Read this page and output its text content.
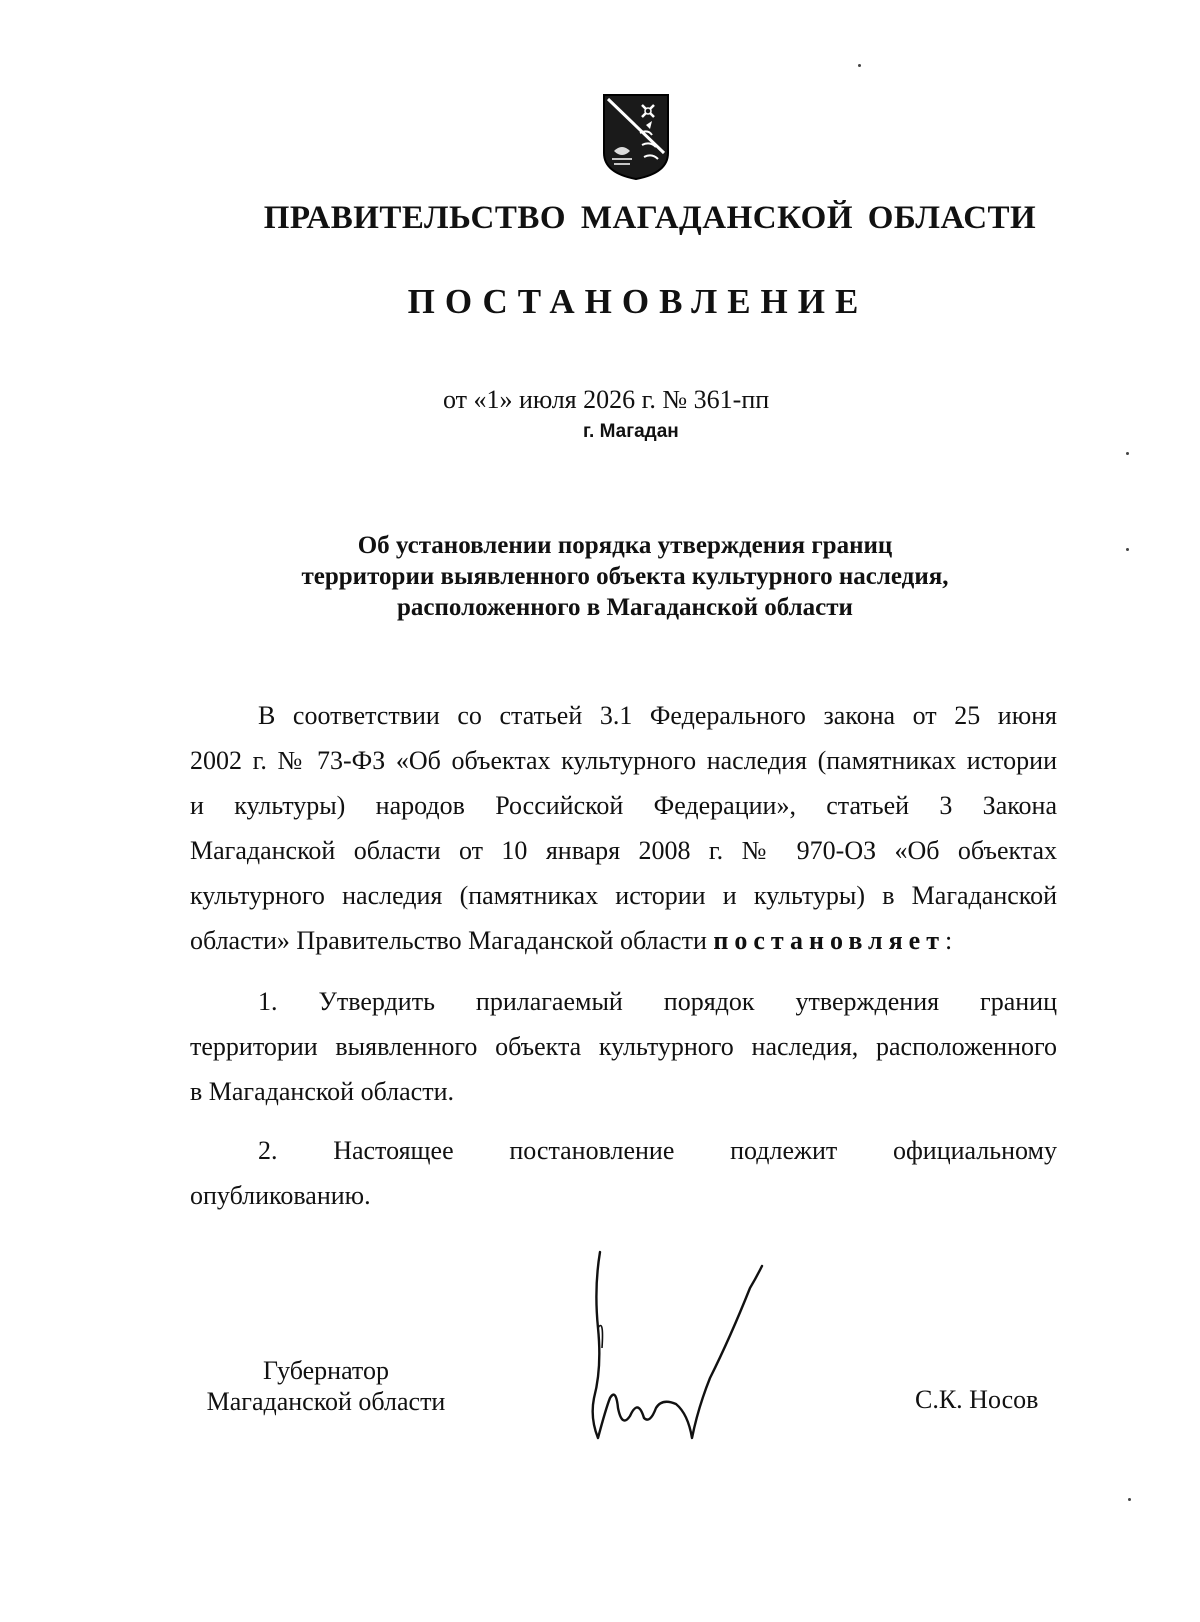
ПРАВИТЕЛЬСТВО МАГАДАНСКОЙ ОБЛАСТИ
ПОСТАНОВЛЕНИЕ
от «1» июля 2026 г. № 361-пп
г. Магадан
Об установлении порядка утверждения границ
территории выявленного объекта культурного наследия,
расположенного в Магаданской области
В соответствии со статьей 3.1 Федерального закона от 25 июня
2002 г. № 73-ФЗ «Об объектах культурного наследия (памятниках истории
и культуры) народов Российской Федерации», статьей 3 Закона
Магаданской области от 10 января 2008 г. № 970-ОЗ «Об объектах
культурного наследия (памятниках истории и культуры) в Магаданской
области» Правительство Магаданской области постановляет:
1. Утвердить прилагаемый порядок утверждения границ
территории выявленного объекта культурного наследия, расположенного
в Магаданской области.
2. Настоящее постановление подлежит официальному
опубликованию.
Губернатор
Магаданской области	С.К. Носов
